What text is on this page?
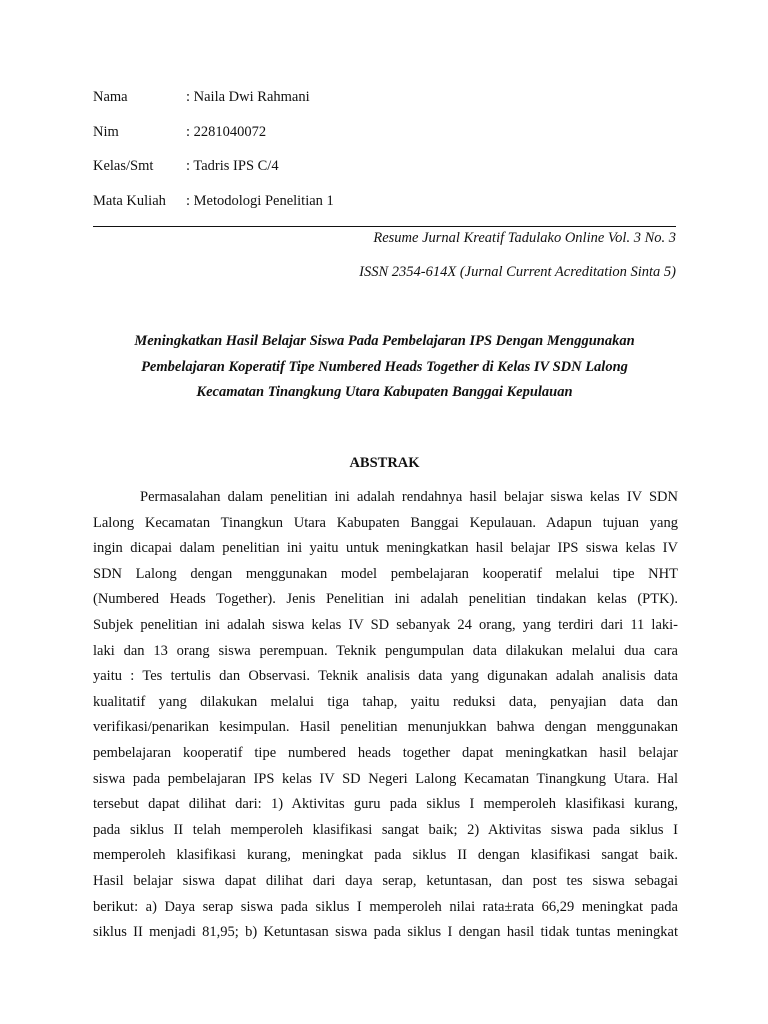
Nama	: Naila Dwi Rahmani
Nim	: 2281040072
Kelas/Smt	: Tadris IPS C/4
Mata Kuliah	: Metodologi Penelitian 1
Resume Jurnal Kreatif Tadulako Online Vol. 3 No. 3
ISSN 2354-614X (Jurnal Current Acreditation Sinta 5)
Meningkatkan Hasil Belajar Siswa Pada Pembelajaran IPS Dengan Menggunakan
Pembelajaran Koperatif Tipe Numbered Heads Together di Kelas IV SDN Lalong
Kecamatan Tinangkung Utara Kabupaten Banggai Kepulauan
ABSTRAK
Permasalahan dalam penelitian ini adalah rendahnya hasil belajar siswa kelas IV SDN
Lalong Kecamatan Tinangkun Utara Kabupaten Banggai Kepulauan. Adapun tujuan yang
ingin dicapai dalam penelitian ini yaitu untuk meningkatkan hasil belajar IPS siswa kelas IV
SDN Lalong dengan menggunakan model pembelajaran kooperatif melalui tipe NHT
(Numbered Heads Together). Jenis Penelitian ini adalah penelitian tindakan kelas (PTK).
Subjek penelitian ini adalah siswa kelas IV SD sebanyak 24 orang, yang terdiri dari 11 laki-
laki dan 13 orang siswa perempuan. Teknik pengumpulan data dilakukan melalui dua cara
yaitu : Tes tertulis dan Observasi. Teknik analisis data yang digunakan adalah analisis data
kualitatif yang dilakukan melalui tiga tahap, yaitu reduksi data, penyajian data dan
verifikasi/penarikan kesimpulan. Hasil penelitian menunjukkan bahwa dengan menggunakan
pembelajaran kooperatif tipe numbered heads together dapat meningkatkan hasil belajar
siswa pada pembelajaran IPS kelas IV SD Negeri Lalong Kecamatan Tinangkung Utara. Hal
tersebut dapat dilihat dari: 1) Aktivitas guru pada siklus I memperoleh klasifikasi kurang,
pada siklus II telah memperoleh klasifikasi sangat baik; 2) Aktivitas siswa pada siklus I
memperoleh klasifikasi kurang, meningkat pada siklus II dengan klasifikasi sangat baik.
Hasil belajar siswa dapat dilihat dari daya serap, ketuntasan, dan post tes siswa sebagai
berikut: a) Daya serap siswa pada siklus I memperoleh nilai rata±rata 66,29 meningkat pada
siklus II menjadi 81,95; b) Ketuntasan siswa pada siklus I dengan hasil tidak tuntas meningkat
